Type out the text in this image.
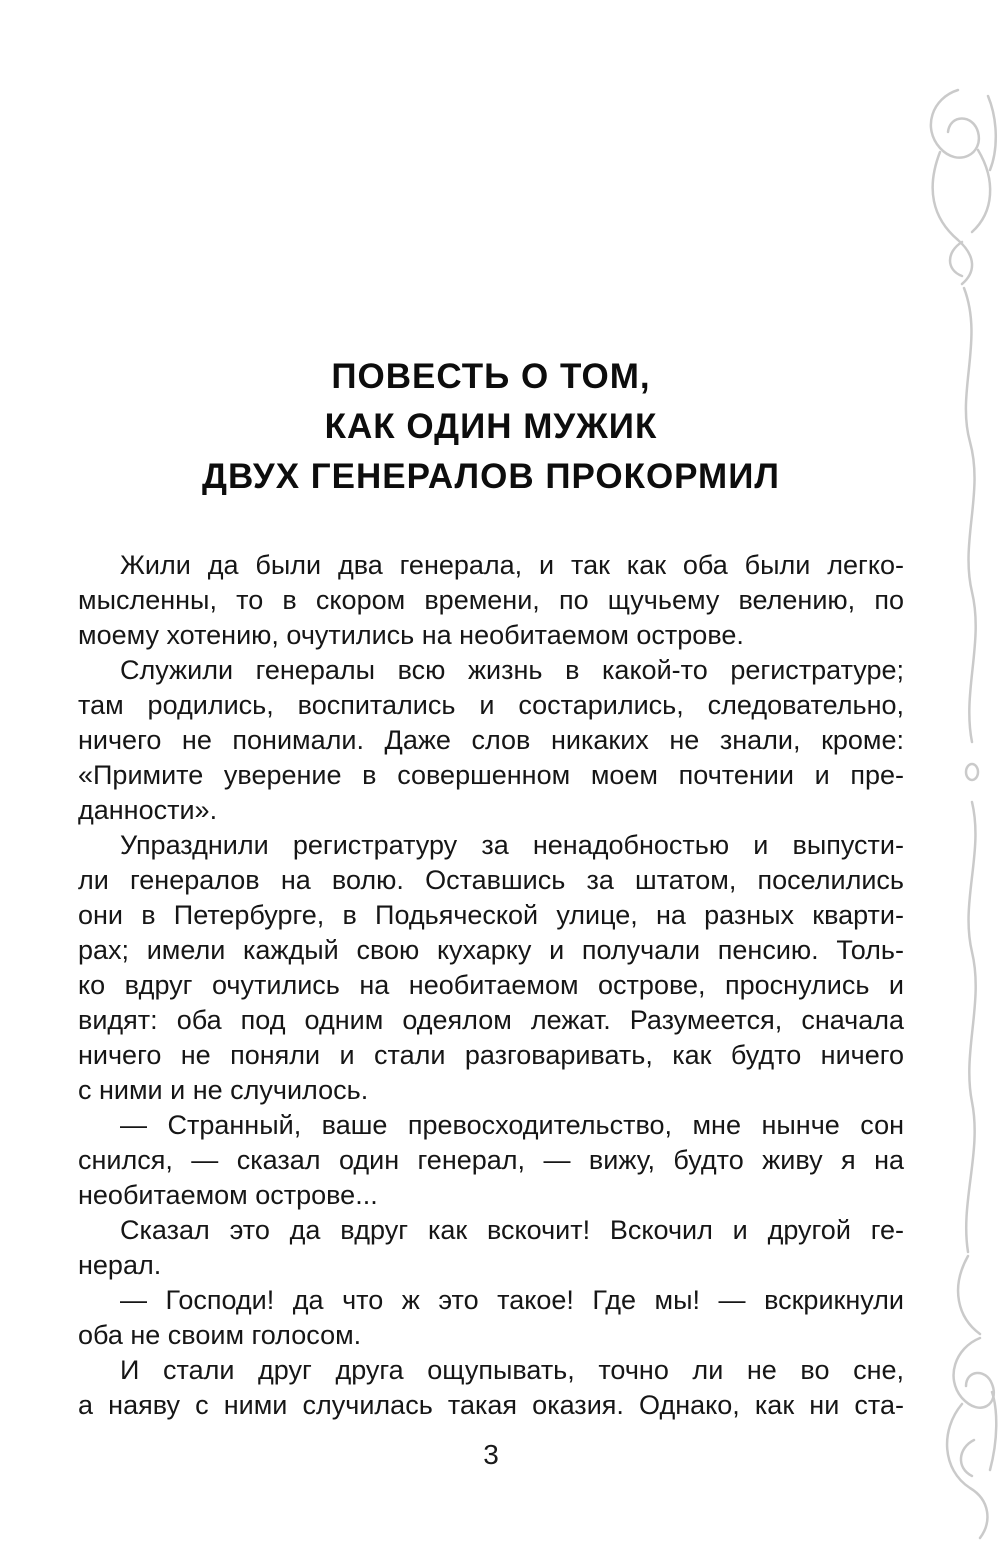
ПОВЕСТЬ О ТОМ,
КАК ОДИН МУЖИК
ДВУХ ГЕНЕРАЛОВ ПРОКОРМИЛ
Жили да были два генерала, и так как оба были легко-
мысленны, то в скором времени, по щучьему велению, по
моему хотению, очутились на необитаемом острове.
Служили генералы всю жизнь в какой-то регистратуре;
там родились, воспитались и состарились, следовательно,
ничего не понимали. Даже слов никаких не знали, кроме:
«Примите уверение в совершенном моем почтении и пре-
данности».
Упразднили регистратуру за ненадобностью и выпусти-
ли генералов на волю. Оставшись за штатом, поселились
они в Петербурге, в Подьяческой улице, на разных кварти-
рах; имели каждый свою кухарку и получали пенсию. Толь-
ко вдруг очутились на необитаемом острове, проснулись и
видят: оба под одним одеялом лежат. Разумеется, сначала
ничего не поняли и стали разговаривать, как будто ничего
с ними и не случилось.
— Странный, ваше превосходительство, мне нынче сон
снился, — сказал один генерал, — вижу, будто живу я на
необитаемом острове...
Сказал это да вдруг как вскочит! Вскочил и другой ге-
нерал.
— Господи! да что ж это такое! Где мы! — вскрикнули
оба не своим голосом.
И стали друг друга ощупывать, точно ли не во сне,
а наяву с ними случилась такая оказия. Однако, как ни ста-
3
